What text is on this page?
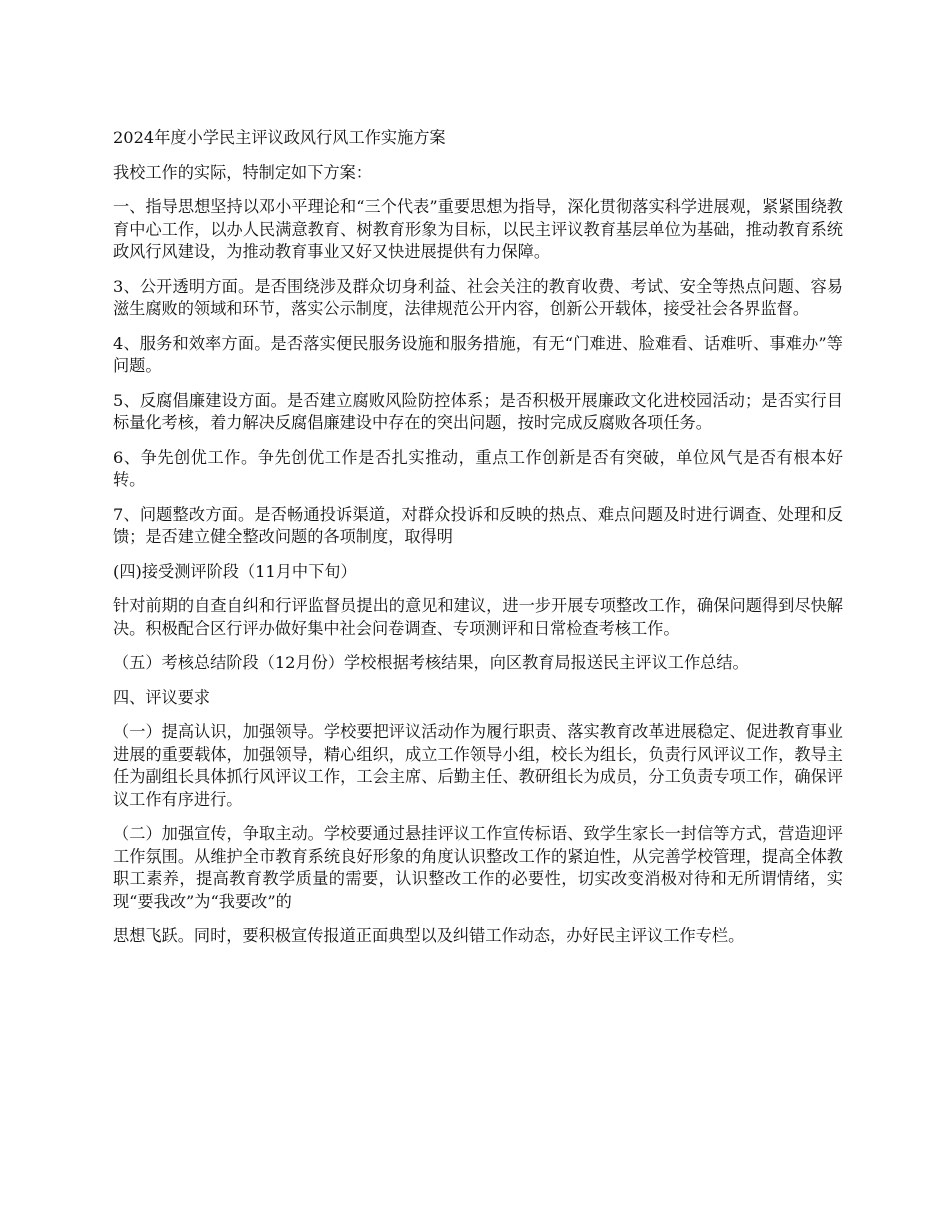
2024年度小学民主评议政风行风工作实施方案

我校工作的实际，特制定如下方案：

一、指导思想坚持以邓小平理论和“三个代表”重要思想为指导，深化贯彻落实科学进展观，紧紧围绕教育中心工作，以办人民满意教育、树教育形象为目标，以民主评议教育基层单位为基础，推动教育系统政风行风建设，为推动教育事业又好又快进展提供有力保障。

3、公开透明方面。是否围绕涉及群众切身利益、社会关注的教育收费、考试、安全等热点问题、容易滋生腐败的领域和环节，落实公示制度，法律规范公开内容，创新公开载体，接受社会各界监督。

4、服务和效率方面。是否落实便民服务设施和服务措施，有无“门难进、脸难看、话难听、事难办”等问题。

5、反腐倡廉建设方面。是否建立腐败风险防控体系；是否积极开展廉政文化进校园活动；是否实行目标量化考核，着力解决反腐倡廉建设中存在的突出问题，按时完成反腐败各项任务。

6、争先创优工作。争先创优工作是否扎实推动，重点工作创新是否有突破，单位风气是否有根本好转。

7、问题整改方面。是否畅通投诉渠道，对群众投诉和反映的热点、难点问题及时进行调查、处理和反馈；是否建立健全整改问题的各项制度，取得明

(四)接受测评阶段（11月中下旬）

针对前期的自查自纠和行评监督员提出的意见和建议，进一步开展专项整改工作，确保问题得到尽快解决。积极配合区行评办做好集中社会问卷调查、专项测评和日常检查考核工作。

（五）考核总结阶段（12月份）学校根据考核结果，向区教育局报送民主评议工作总结。

四、评议要求

（一）提高认识，加强领导。学校要把评议活动作为履行职责、落实教育改革进展稳定、促进教育事业进展的重要载体，加强领导，精心组织，成立工作领导小组，校长为组长，负责行风评议工作，教导主任为副组长具体抓行风评议工作，工会主席、后勤主任、教研组长为成员，分工负责专项工作，确保评议工作有序进行。

（二）加强宣传，争取主动。学校要通过悬挂评议工作宣传标语、致学生家长一封信等方式，营造迎评工作氛围。从维护全市教育系统良好形象的角度认识整改工作的紧迫性，从完善学校管理，提高全体教职工素养，提高教育教学质量的需要，认识整改工作的必要性，切实改变消极对待和无所谓情绪，实现“要我改”为“我要改”的

思想飞跃。同时，要积极宣传报道正面典型以及纠错工作动态，办好民主评议工作专栏。
